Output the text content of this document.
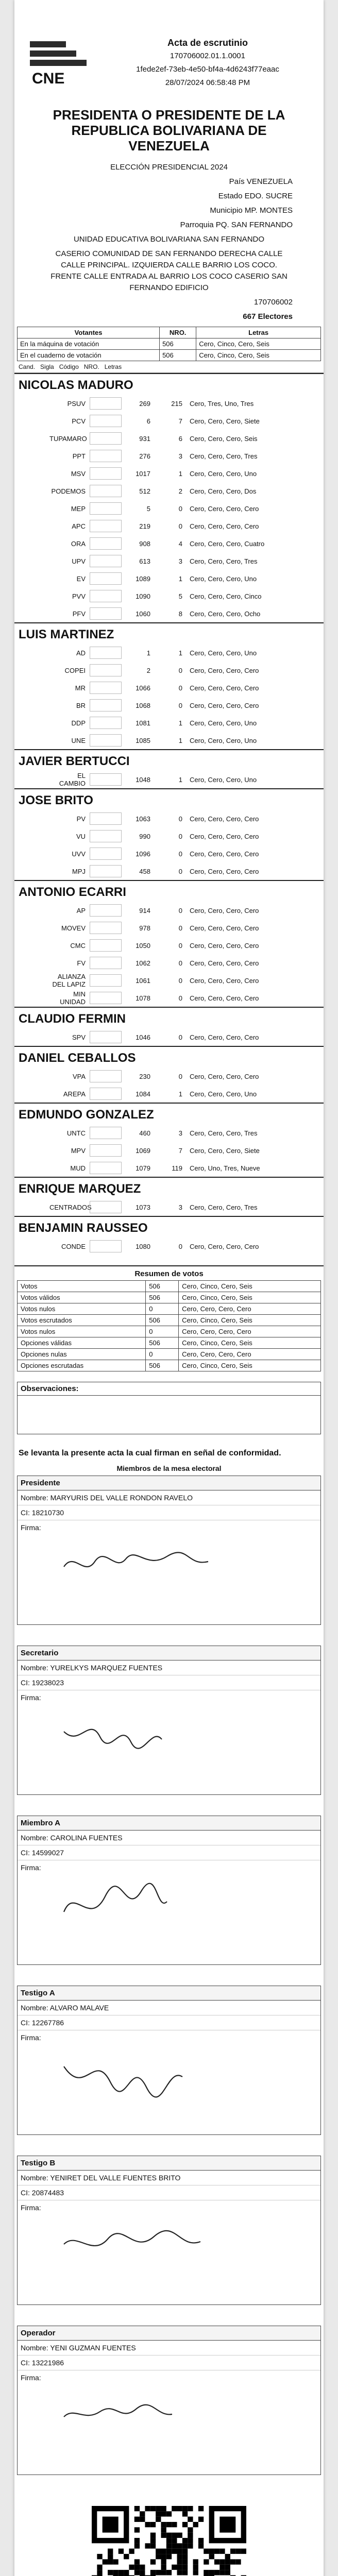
CNE
Acta de escrutinio
170706002.01.1.0001
1fede2ef-73eb-4e50-bf4a-4d6243f77eaac
28/07/2024 06:58:48 PM
PRESIDENTA O PRESIDENTE DE LA REPUBLICA BOLIVARIANA DE VENEZUELA

ELECCIÓN PRESIDENCIAL 2024

País VENEZUELA

Estado EDO. SUCRE

Municipio MP. MONTES

Parroquia PQ. SAN FERNANDO

UNIDAD EDUCATIVA BOLIVARIANA SAN FERNANDO

CASERIO COMUNIDAD DE SAN FERNANDO DERECHA CALLE CALLE PRINCIPAL. IZQUIERDA CALLE BARRIO LOS COCO. FRENTE CALLE ENTRADA AL BARRIO LOS COCO CASERIO SAN FERNANDO EDIFICIO

170706002

667 Electores

Votantes	NRO.	Letras
En la máquina de votación	506	Cero, Cinco, Cero, Seis
En el cuaderno de votación	506	Cero, Cinco, Cero, Seis
Cand. Sigla Código NRO. Letras
NICOLAS MADURO
PSUV	269	215	Cero, Tres, Uno, Tres
PCV	6	7	Cero, Cero, Cero, Siete
TUPAMARO	931	6	Cero, Cero, Cero, Seis
PPT	276	3	Cero, Cero, Cero, Tres
MSV	1017	1	Cero, Cero, Cero, Uno
PODEMOS	512	2	Cero, Cero, Cero, Dos
MEP	5	0	Cero, Cero, Cero, Cero
APC	219	0	Cero, Cero, Cero, Cero
ORA	908	4	Cero, Cero, Cero, Cuatro
UPV	613	3	Cero, Cero, Cero, Tres
EV	1089	1	Cero, Cero, Cero, Uno
PVV	1090	5	Cero, Cero, Cero, Cinco
PFV	1060	8	Cero, Cero, Cero, Ocho
LUIS MARTINEZ
AD	1	1	Cero, Cero, Cero, Uno
COPEI	2	0	Cero, Cero, Cero, Cero
MR	1066	0	Cero, Cero, Cero, Cero
BR	1068	0	Cero, Cero, Cero, Cero
DDP	1081	1	Cero, Cero, Cero, Uno
UNE	1085	1	Cero, Cero, Cero, Uno
JAVIER BERTUCCI
EL CAMBIO	1048	1	Cero, Cero, Cero, Uno
JOSE BRITO
PV	1063	0	Cero, Cero, Cero, Cero
VU	990	0	Cero, Cero, Cero, Cero
UVV	1096	0	Cero, Cero, Cero, Cero
MPJ	458	0	Cero, Cero, Cero, Cero
ANTONIO ECARRI
AP	914	0	Cero, Cero, Cero, Cero
MOVEV	978	0	Cero, Cero, Cero, Cero
CMC	1050	0	Cero, Cero, Cero, Cero
FV	1062	0	Cero, Cero, Cero, Cero
ALIANZA DEL LAPIZ	1061	0	Cero, Cero, Cero, Cero
MIN UNIDAD	1078	0	Cero, Cero, Cero, Cero
CLAUDIO FERMIN
SPV	1046	0	Cero, Cero, Cero, Cero
DANIEL CEBALLOS
VPA	230	0	Cero, Cero, Cero, Cero
AREPA	1084	1	Cero, Cero, Cero, Uno
EDMUNDO GONZALEZ
UNTC	460	3	Cero, Cero, Cero, Tres
MPV	1069	7	Cero, Cero, Cero, Siete
MUD	1079	119	Cero, Uno, Tres, Nueve
ENRIQUE MARQUEZ
CENTRADOS	1073	3	Cero, Cero, Cero, Tres
BENJAMIN RAUSSEO
CONDE	1080	0	Cero, Cero, Cero, Cero
Resumen de votos
Votos	506	Cero, Cinco, Cero, Seis
Votos válidos	506	Cero, Cinco, Cero, Seis
Votos nulos	0	Cero, Cero, Cero, Cero
Votos escrutados	506	Cero, Cinco, Cero, Seis
Votos nulos	0	Cero, Cero, Cero, Cero
Opciones válidas	506	Cero, Cinco, Cero, Seis
Opciones nulas	0	Cero, Cero, Cero, Cero
Opciones escrutadas	506	Cero, Cinco, Cero, Seis
Observaciones:
Se levanta la presente acta la cual firman en señal de conformidad.
Miembros de la mesa electoral
Presidente
Nombre: MARYURIS DEL VALLE RONDON RAVELO
CI: 18210730
Firma:
Secretario
Nombre: YURELKYS MARQUEZ FUENTES
CI: 19238023
Firma:
Miembro A
Nombre: CAROLINA FUENTES
CI: 14599027
Firma:
Testigo A
Nombre: ALVARO MALAVE
CI: 12267786
Firma:
Testigo B
Nombre: YENIRET DEL VALLE FUENTES BRITO
CI: 20874483
Firma:
Operador
Nombre: YENI GUZMAN FUENTES
CI: 13221986
Firma:
